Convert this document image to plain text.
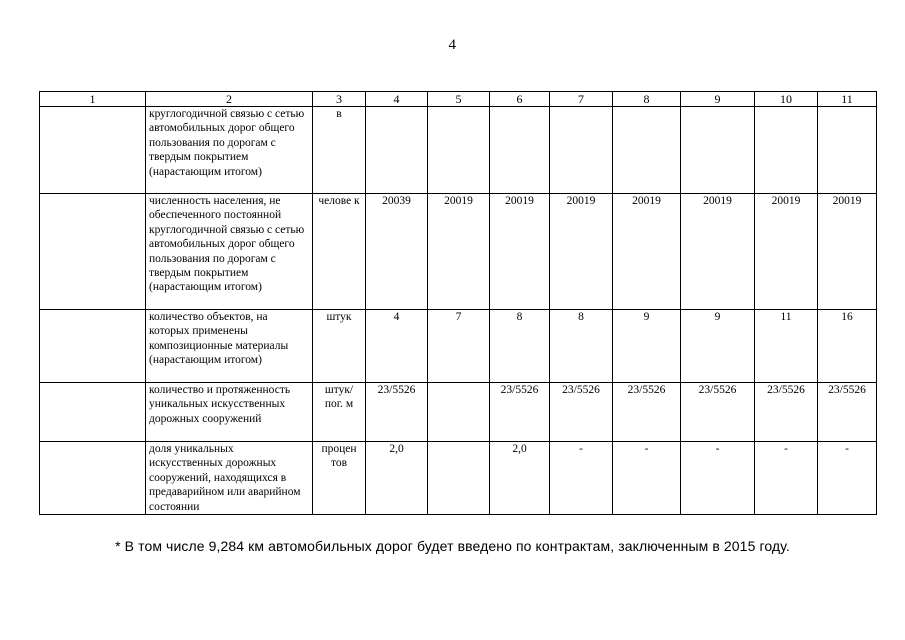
4
1	2	3	4	5	6	7	8	9	10	11
	круглогодичной связью с сетью автомобильных дорог общего пользования по дорогам с твердым покрытием (нарастающим итогом)	в								
	численность населения, не обеспеченного постоянной круглогодичной связью с сетью автомобильных дорог общего пользования по дорогам с твердым покрытием (нарастающим итогом)	челове к	20039	20019	20019	20019	20019	20019	20019	20019
	количество объектов, на которых применены композиционные материалы (нарастающим итогом)	штук	4	7	8	8	9	9	11	16
	количество и протяженность уникальных искусственных дорожных сооружений	штук/ пог. м	23/5526		23/5526	23/5526	23/5526	23/5526	23/5526	23/5526
	доля уникальных искусственных дорожных сооружений, находящихся в предаварийном или аварийном состоянии	процен тов	2,0		2,0	-	-	-	-	-
* В том числе 9,284 км автомобильных дорог будет введено по контрактам, заключенным в 2015 году.
